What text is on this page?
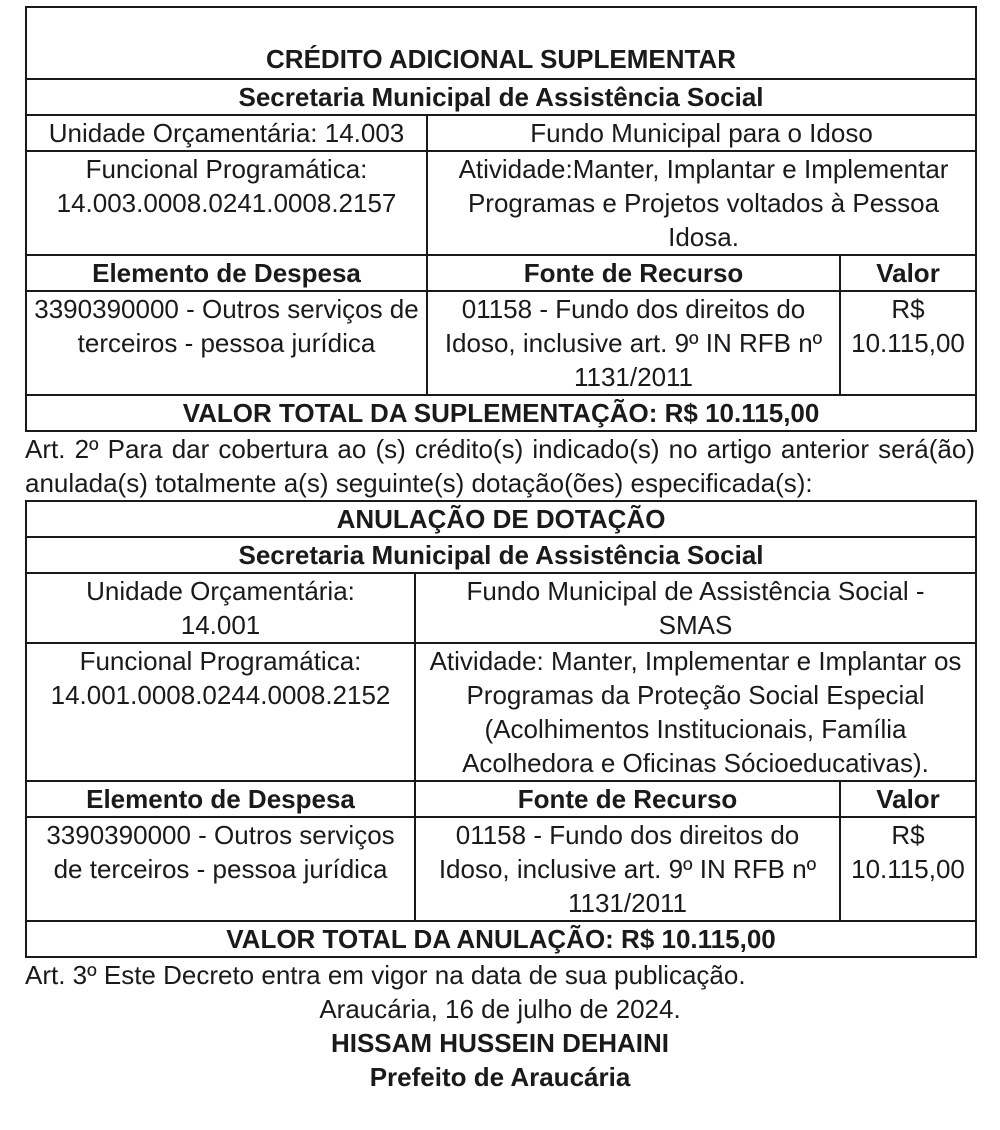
CRÉDITO ADICIONAL SUPLEMENTAR		
Secretaria Municipal de Assistência Social		
Unidade Orçamentária: 14.003	Fundo Municipal para o Idoso	
Funcional Programática:
14.003.0008.0241.0008.2157	Atividade:Manter, Implantar e Implementar Programas e Projetos voltados à Pessoa Idosa.	
Elemento de Despesa	Fonte de Recurso	Valor
3390390000 - Outros serviços de terceiros - pessoa jurídica	01158 - Fundo dos direitos do Idoso, inclusive art. 9º IN RFB nº 1131/2011	R$
10.115,00
VALOR TOTAL DA SUPLEMENTAÇÃO: R$ 10.115,00		
Art. 2º Para dar cobertura ao (s) crédito(s) indicado(s) no artigo anterior será(ão) anulada(s) totalmente a(s) seguinte(s) dotação(ões) especificada(s):
ANULAÇÃO DE DOTAÇÃO		
Secretaria Municipal de Assistência Social		
Unidade Orçamentária:
14.001	Fundo Municipal de Assistência Social - SMAS	
Funcional Programática:
14.001.0008.0244.0008.2152	Atividade: Manter, Implementar e Implantar os Programas da Proteção Social Especial (Acolhimentos Institucionais, Família Acolhedora e Oficinas Sócioeducativas).	
Elemento de Despesa	Fonte de Recurso	Valor
3390390000 - Outros serviços de terceiros - pessoa jurídica	01158 - Fundo dos direitos do Idoso, inclusive art. 9º IN RFB nº 1131/2011	R$
10.115,00
VALOR TOTAL DA ANULAÇÃO: R$ 10.115,00		
Art. 3º Este Decreto entra em vigor na data de sua publicação.
Araucária, 16 de julho de 2024.
HISSAM HUSSEIN DEHAINI
Prefeito de Araucária
